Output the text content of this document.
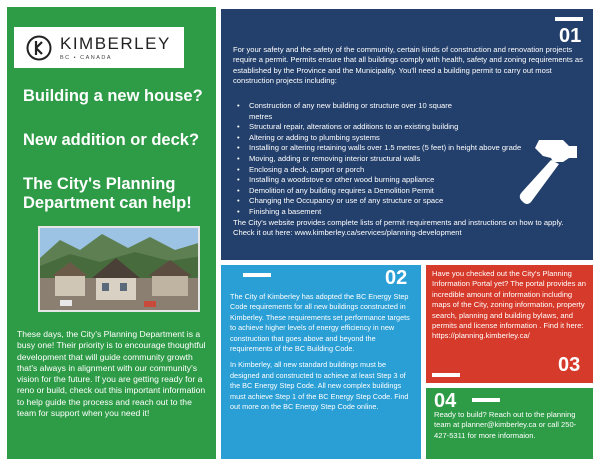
KIMBERLEY
BC • CANADA
Building a new house?
New addition or deck?
The City's Planning Department can help!

These days, the City's Planning Department is a busy one! Their priority is to encourage thoughtful development that will guide community growth that's always in alignment with our community's vision for the future. If you are getting ready for a reno or build, check out this important information to help guide the process and reach out to the team for support when you need it!

01

For your safety and the safety of the community, certain kinds of construction and renovation projects require a permit. Permits ensure that all buildings comply with health, safety and zoning requirements as established by the Province and the Municipality. You'll need a building permit to carry out most construction projects including:

• Construction of any new building or structure over 10 square metres
• Structural repair, alterations or additions to an existing building
• Altering or adding to plumbing systems
• Installing or altering retaining walls over 1.5 metres (5 feet) in height above grade
• Moving, adding or removing interior structural walls
• Enclosing a deck, carport or porch
• Installing a woodstove or other wood burning appliance
• Demolition of any building requires a Demolition Permit
• Changing the Occupancy or use of any structure or space
• Finishing a basement

The City's website provides complete lists of permit requirements and instructions on how to apply. Check it out here: www.kimberley.ca/services/planning-development

02

The City of Kimberley has adopted the BC Energy Step Code requirements for all new buildings constructed in Kimberley. These requirements set performance targets to achieve higher levels of energy efficiency in new construction that goes above and beyond the requirements of the BC Building Code.

In Kimberley, all new standard buildings must be designed and constructed to achieve at least Step 3 of the BC Energy Step Code. All new complex buildings must achieve Step 1 of the BC Energy Step Code. Find out more on the BC Energy Step Code online.

Have you checked out the City's Planning Information Portal yet? The portal provides an incredible amount of information including maps of the City, zoning information, property search, planning and building bylaws, and permits and license information . Find it here: https://planning.kimberley.ca/

03
04

Ready to build? Reach out to the planning team at planner@kimberley.ca or call 250-427-5311 for more informaion.
